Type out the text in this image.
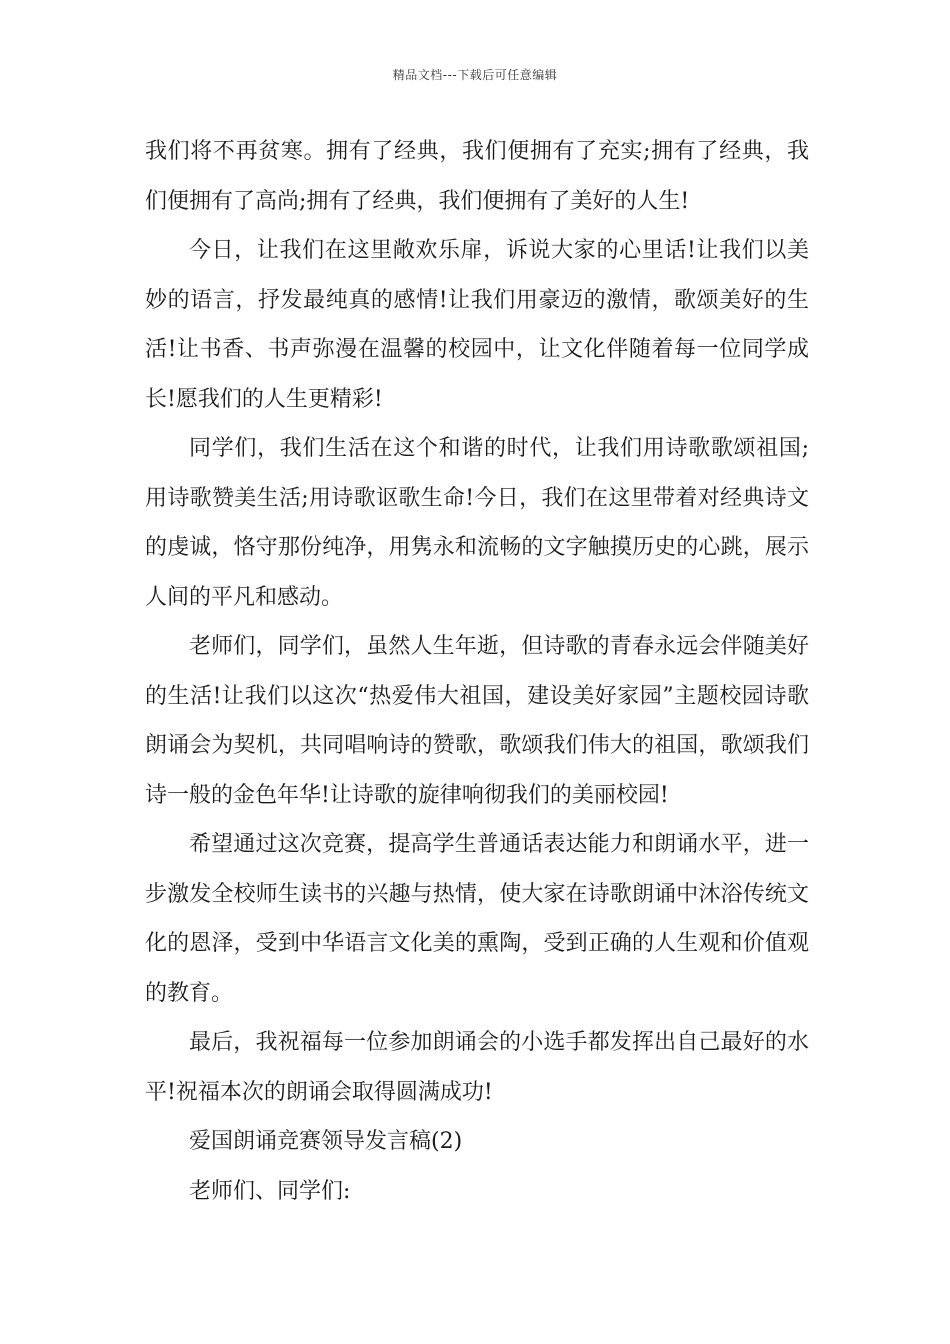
精品文档---下载后可任意编辑

我们将不再贫寒。拥有了经典，我们便拥有了充实;拥有了经典，我们便拥有了高尚;拥有了经典，我们便拥有了美好的人生!

今日，让我们在这里敞欢乐扉，诉说大家的心里话!让我们以美妙的语言，抒发最纯真的感情!让我们用豪迈的激情，歌颂美好的生活!让书香、书声弥漫在温馨的校园中，让文化伴随着每一位同学成长!愿我们的人生更精彩!

同学们，我们生活在这个和谐的时代，让我们用诗歌歌颂祖国;用诗歌赞美生活;用诗歌讴歌生命!今日，我们在这里带着对经典诗文的虔诚，恪守那份纯净，用隽永和流畅的文字触摸历史的心跳，展示人间的平凡和感动。

老师们，同学们，虽然人生年逝，但诗歌的青春永远会伴随美好的生活!让我们以这次“热爱伟大祖国，建设美好家园”主题校园诗歌朗诵会为契机，共同唱响诗的赞歌，歌颂我们伟大的祖国，歌颂我们诗一般的金色年华!让诗歌的旋律响彻我们的美丽校园!

希望通过这次竞赛，提高学生普通话表达能力和朗诵水平，进一步激发全校师生读书的兴趣与热情，使大家在诗歌朗诵中沐浴传统文化的恩泽，受到中华语言文化美的熏陶，受到正确的人生观和价值观的教育。

最后，我祝福每一位参加朗诵会的小选手都发挥出自己最好的水平!祝福本次的朗诵会取得圆满成功!

爱国朗诵竞赛领导发言稿(2)

老师们、同学们:
